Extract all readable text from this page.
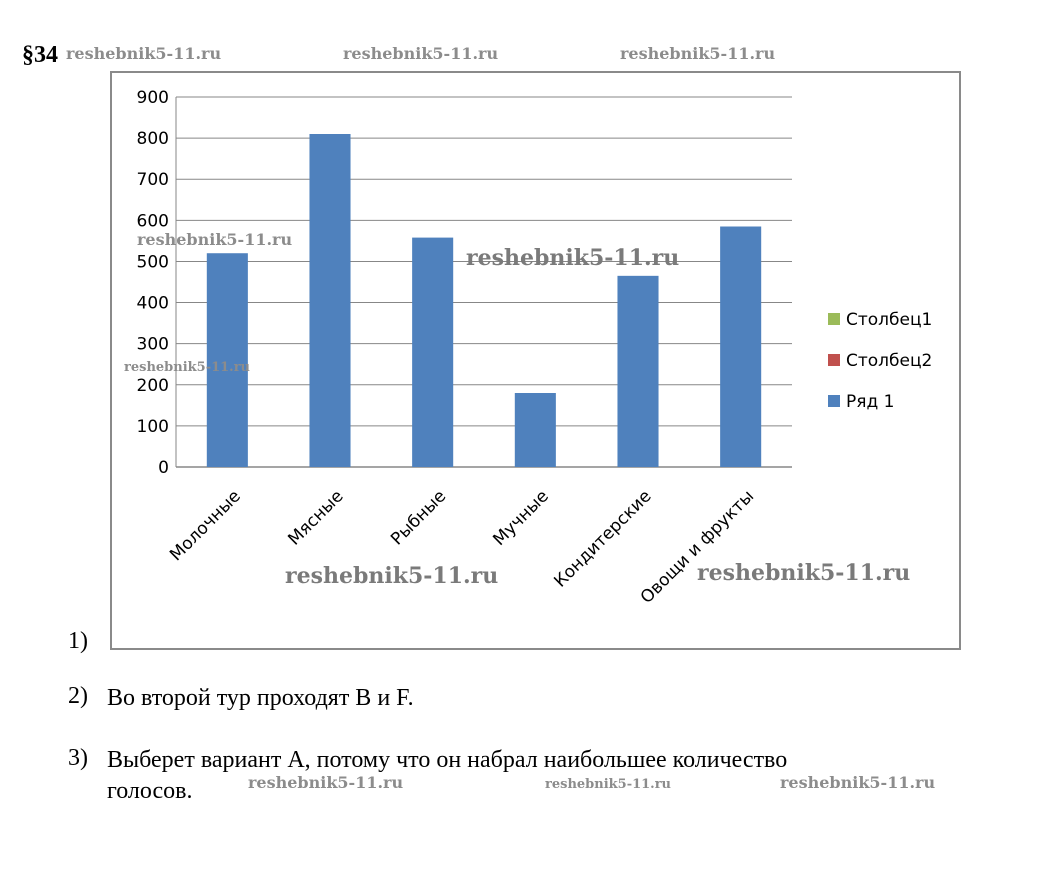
§34 reshebnik5-11.ru	reshebnik5-11.ru	reshebnik5-11.ru
0
100
200
300
400
500
600
700
800
900
Молочные Мясные Рыбные Мучные
Кондитерские
Овощи и фрукты
Столбец1
Столбец2
Ряд 1
reshebnik5-11.ru
reshebnik5-11.ru
reshebnik5-11.ru
reshebnik5-11.ru	reshebnik5-11.ru
1)
2) Во второй тур проходят В и F.
3) Выберет вариант А, потому что он набрал наибольшее количество
голосов.	reshebnik5-11.ru	reshebnik5-11.ru	reshebnik5-11.ru
